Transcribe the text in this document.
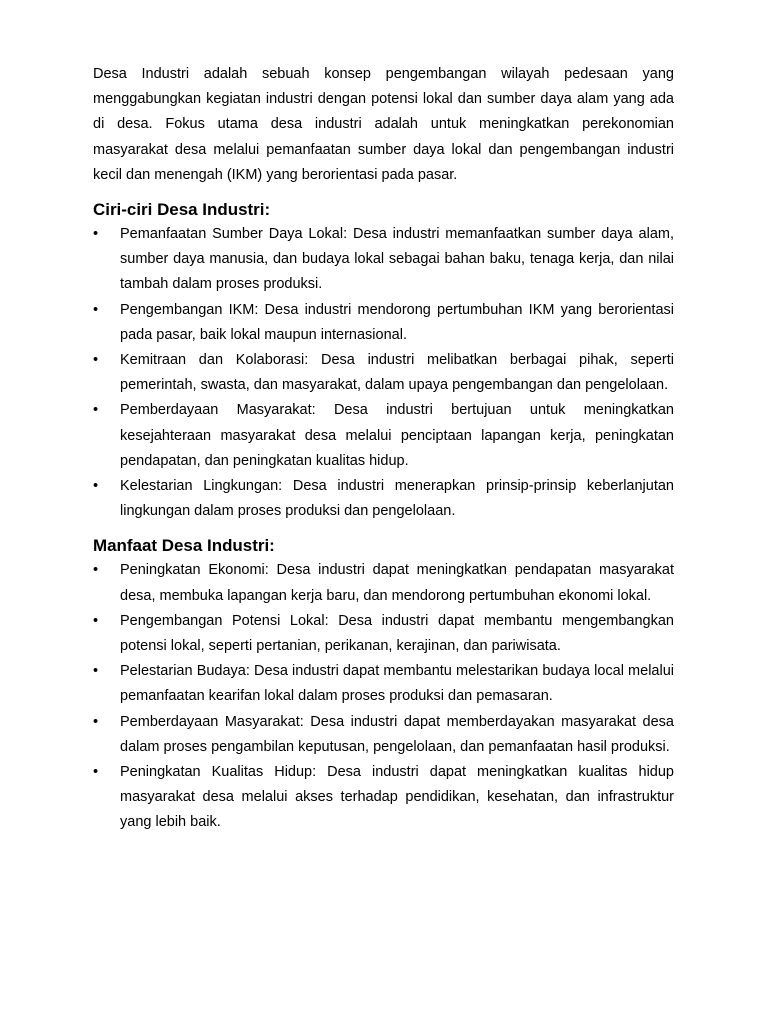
Desa Industri adalah sebuah konsep pengembangan wilayah pedesaan yang menggabungkan kegiatan industri dengan potensi lokal dan sumber daya alam yang ada di desa. Fokus utama desa industri adalah untuk meningkatkan perekonomian masyarakat desa melalui pemanfaatan sumber daya lokal dan pengembangan industri kecil dan menengah (IKM) yang berorientasi pada pasar.

Ciri-ciri Desa Industri:
•	Pemanfaatan Sumber Daya Lokal: Desa industri memanfaatkan sumber daya alam, sumber daya manusia, dan budaya lokal sebagai bahan baku, tenaga kerja, dan nilai tambah dalam proses produksi.
•	Pengembangan IKM: Desa industri mendorong pertumbuhan IKM yang berorientasi pada pasar, baik lokal maupun internasional.
•	Kemitraan dan Kolaborasi: Desa industri melibatkan berbagai pihak, seperti pemerintah, swasta, dan masyarakat, dalam upaya pengembangan dan pengelolaan.
•	Pemberdayaan Masyarakat: Desa industri bertujuan untuk meningkatkan kesejahteraan masyarakat desa melalui penciptaan lapangan kerja, peningkatan pendapatan, dan peningkatan kualitas hidup.
•	Kelestarian Lingkungan: Desa industri menerapkan prinsip-prinsip keberlanjutan lingkungan dalam proses produksi dan pengelolaan.
Manfaat Desa Industri:
•	Peningkatan Ekonomi: Desa industri dapat meningkatkan pendapatan masyarakat desa, membuka lapangan kerja baru, dan mendorong pertumbuhan ekonomi lokal.
•	Pengembangan Potensi Lokal: Desa industri dapat membantu mengembangkan potensi lokal, seperti pertanian, perikanan, kerajinan, dan pariwisata.
•	Pelestarian Budaya: Desa industri dapat membantu melestarikan budaya local melalui pemanfaatan kearifan lokal dalam proses produksi dan pemasaran.
•	Pemberdayaan Masyarakat: Desa industri dapat memberdayakan masyarakat desa dalam proses pengambilan keputusan, pengelolaan, dan pemanfaatan hasil produksi.
•	Peningkatan Kualitas Hidup: Desa industri dapat meningkatkan kualitas hidup masyarakat desa melalui akses terhadap pendidikan, kesehatan, dan infrastruktur yang lebih baik.
